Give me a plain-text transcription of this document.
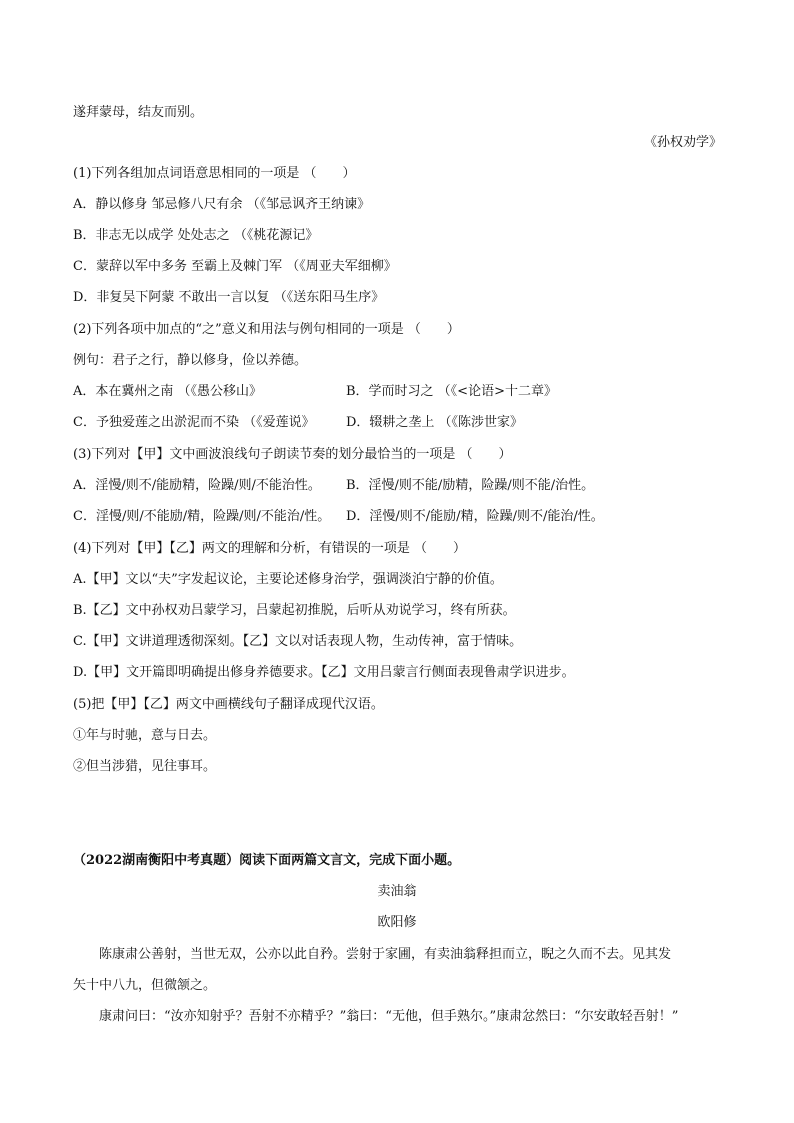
遂拜蒙母，结友而别。
《孙权劝学》
(1)下列各组加点词语意思相同的一项是 （　　）
A．静以修身 邹忌修八尺有余 （《邹忌讽齐王纳谏》
B．非志无以成学 处处志之 （《桃花源记》
C．蒙辞以军中多务 至霸上及棘门军 （《周亚夫军细柳》
D．非复吴下阿蒙 不敢出一言以复 （《送东阳马生序》
(2)下列各项中加点的“之”意义和用法与例句相同的一项是 （　　）
例句：君子之行，静以修身，俭以养德。
A．本在冀州之南 （《愚公移山》	B．学而时习之 （《<论语>十二章》
C．予独爱莲之出淤泥而不染 （《爱莲说》 D．辍耕之垄上 （《陈涉世家》
(3)下列对【甲】文中画波浪线句子朗读节奏的划分最恰当的一项是 （　　）
A．淫慢/则不/能励精，险躁/则/不能治性。 B．淫慢/则不能/励精，险躁/则不能/治性。
C．淫慢/则/不能励/精，险躁/则/不能治/性。 D．淫慢/则不/能励/精，险躁/则不/能治/性。
(4)下列对【甲】【乙】两文的理解和分析，有错误的一项是 （　　）
A.【甲】文以“夫”字发起议论，主要论述修身治学，强调淡泊宁静的价值。
B.【乙】文中孙权劝吕蒙学习，吕蒙起初推脱，后听从劝说学习，终有所获。
C.【甲】文讲道理透彻深刻。【乙】文以对话表现人物，生动传神，富于情味。
D.【甲】文开篇即明确提出修身养德要求。【乙】文用吕蒙言行侧面表现鲁肃学识进步。
(5)把【甲】【乙】两文中画横线句子翻译成现代汉语。
①年与时驰，意与日去。
②但当涉猎，见往事耳。
（2022湖南衡阳中考真题）阅读下面两篇文言文，完成下面小题。
卖油翁
欧阳修
陈康肃公善射，当世无双，公亦以此自矜。尝射于家圃，有卖油翁释担而立，睨之久而不去。见其发
矢十中八九，但微颔之。
康肃问曰：“汝亦知射乎？吾射不亦精乎？”翁曰：“无他，但手熟尔。”康肃忿然曰：“尔安敢轻吾射！”
